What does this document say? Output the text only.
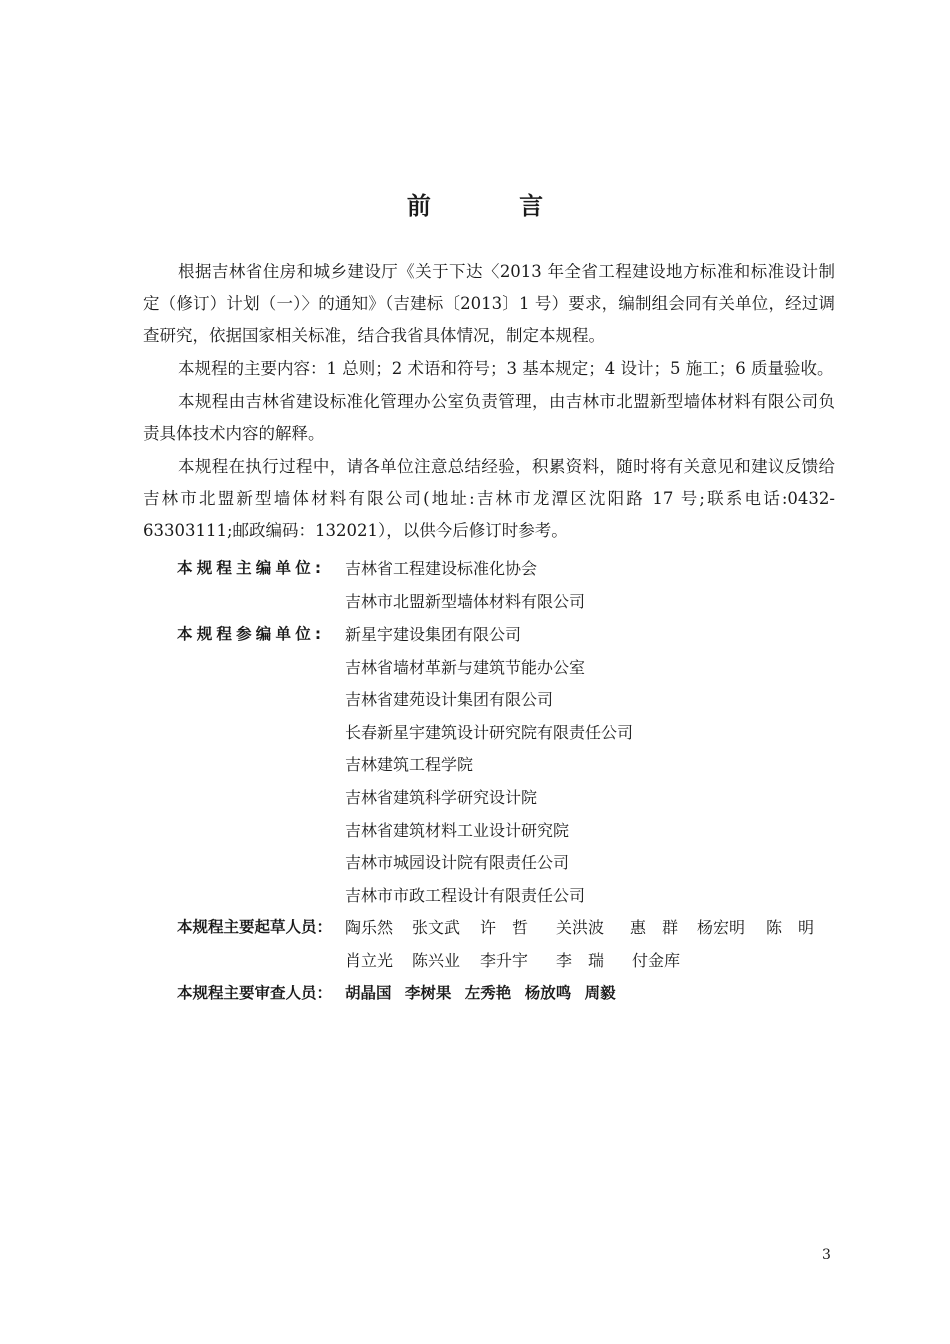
前 言

根据吉林省住房和城乡建设厅《关于下达〈2013 年全省工程建设地方标准和标准设计制定（修订）计划（一）〉的通知》（吉建标〔2013〕1 号）要求，编制组会同有关单位，经过调查研究，依据国家相关标准，结合我省具体情况，制定本规程。

本规程的主要内容：1 总则；2 术语和符号；3 基本规定；4 设计；5 施工；6 质量验收。

本规程由吉林省建设标准化管理办公室负责管理，由吉林市北盟新型墙体材料有限公司负责具体技术内容的解释。

本规程在执行过程中，请各单位注意总结经验，积累资料，随时将有关意见和建议反馈给吉林市北盟新型墙体材料有限公司(地址:吉林市龙潭区沈阳路 17 号;联系电话:0432-63303111;邮政编码：132021），以供今后修订时参考。

本规程主编单位: 吉林省工程建设标准化协会
吉林市北盟新型墙体材料有限公司
本规程参编单位: 新星宇建设集团有限公司
吉林省墙材革新与建筑节能办公室
吉林省建苑设计集团有限公司
长春新星宇建筑设计研究院有限责任公司
吉林建筑工程学院
吉林省建筑科学研究设计院
吉林省建筑材料工业设计研究院
吉林市城园设计院有限责任公司
吉林市市政工程设计有限责任公司
本规程主要起草人员： 陶乐然 张文武 许　哲 关洪波 惠　群 杨宏明 陈　明
肖立光 陈兴业 李升宇 李　瑞 付金库
本规程主要审查人员： 胡晶国 李树果 左秀艳 杨放鸣 周毅
3
